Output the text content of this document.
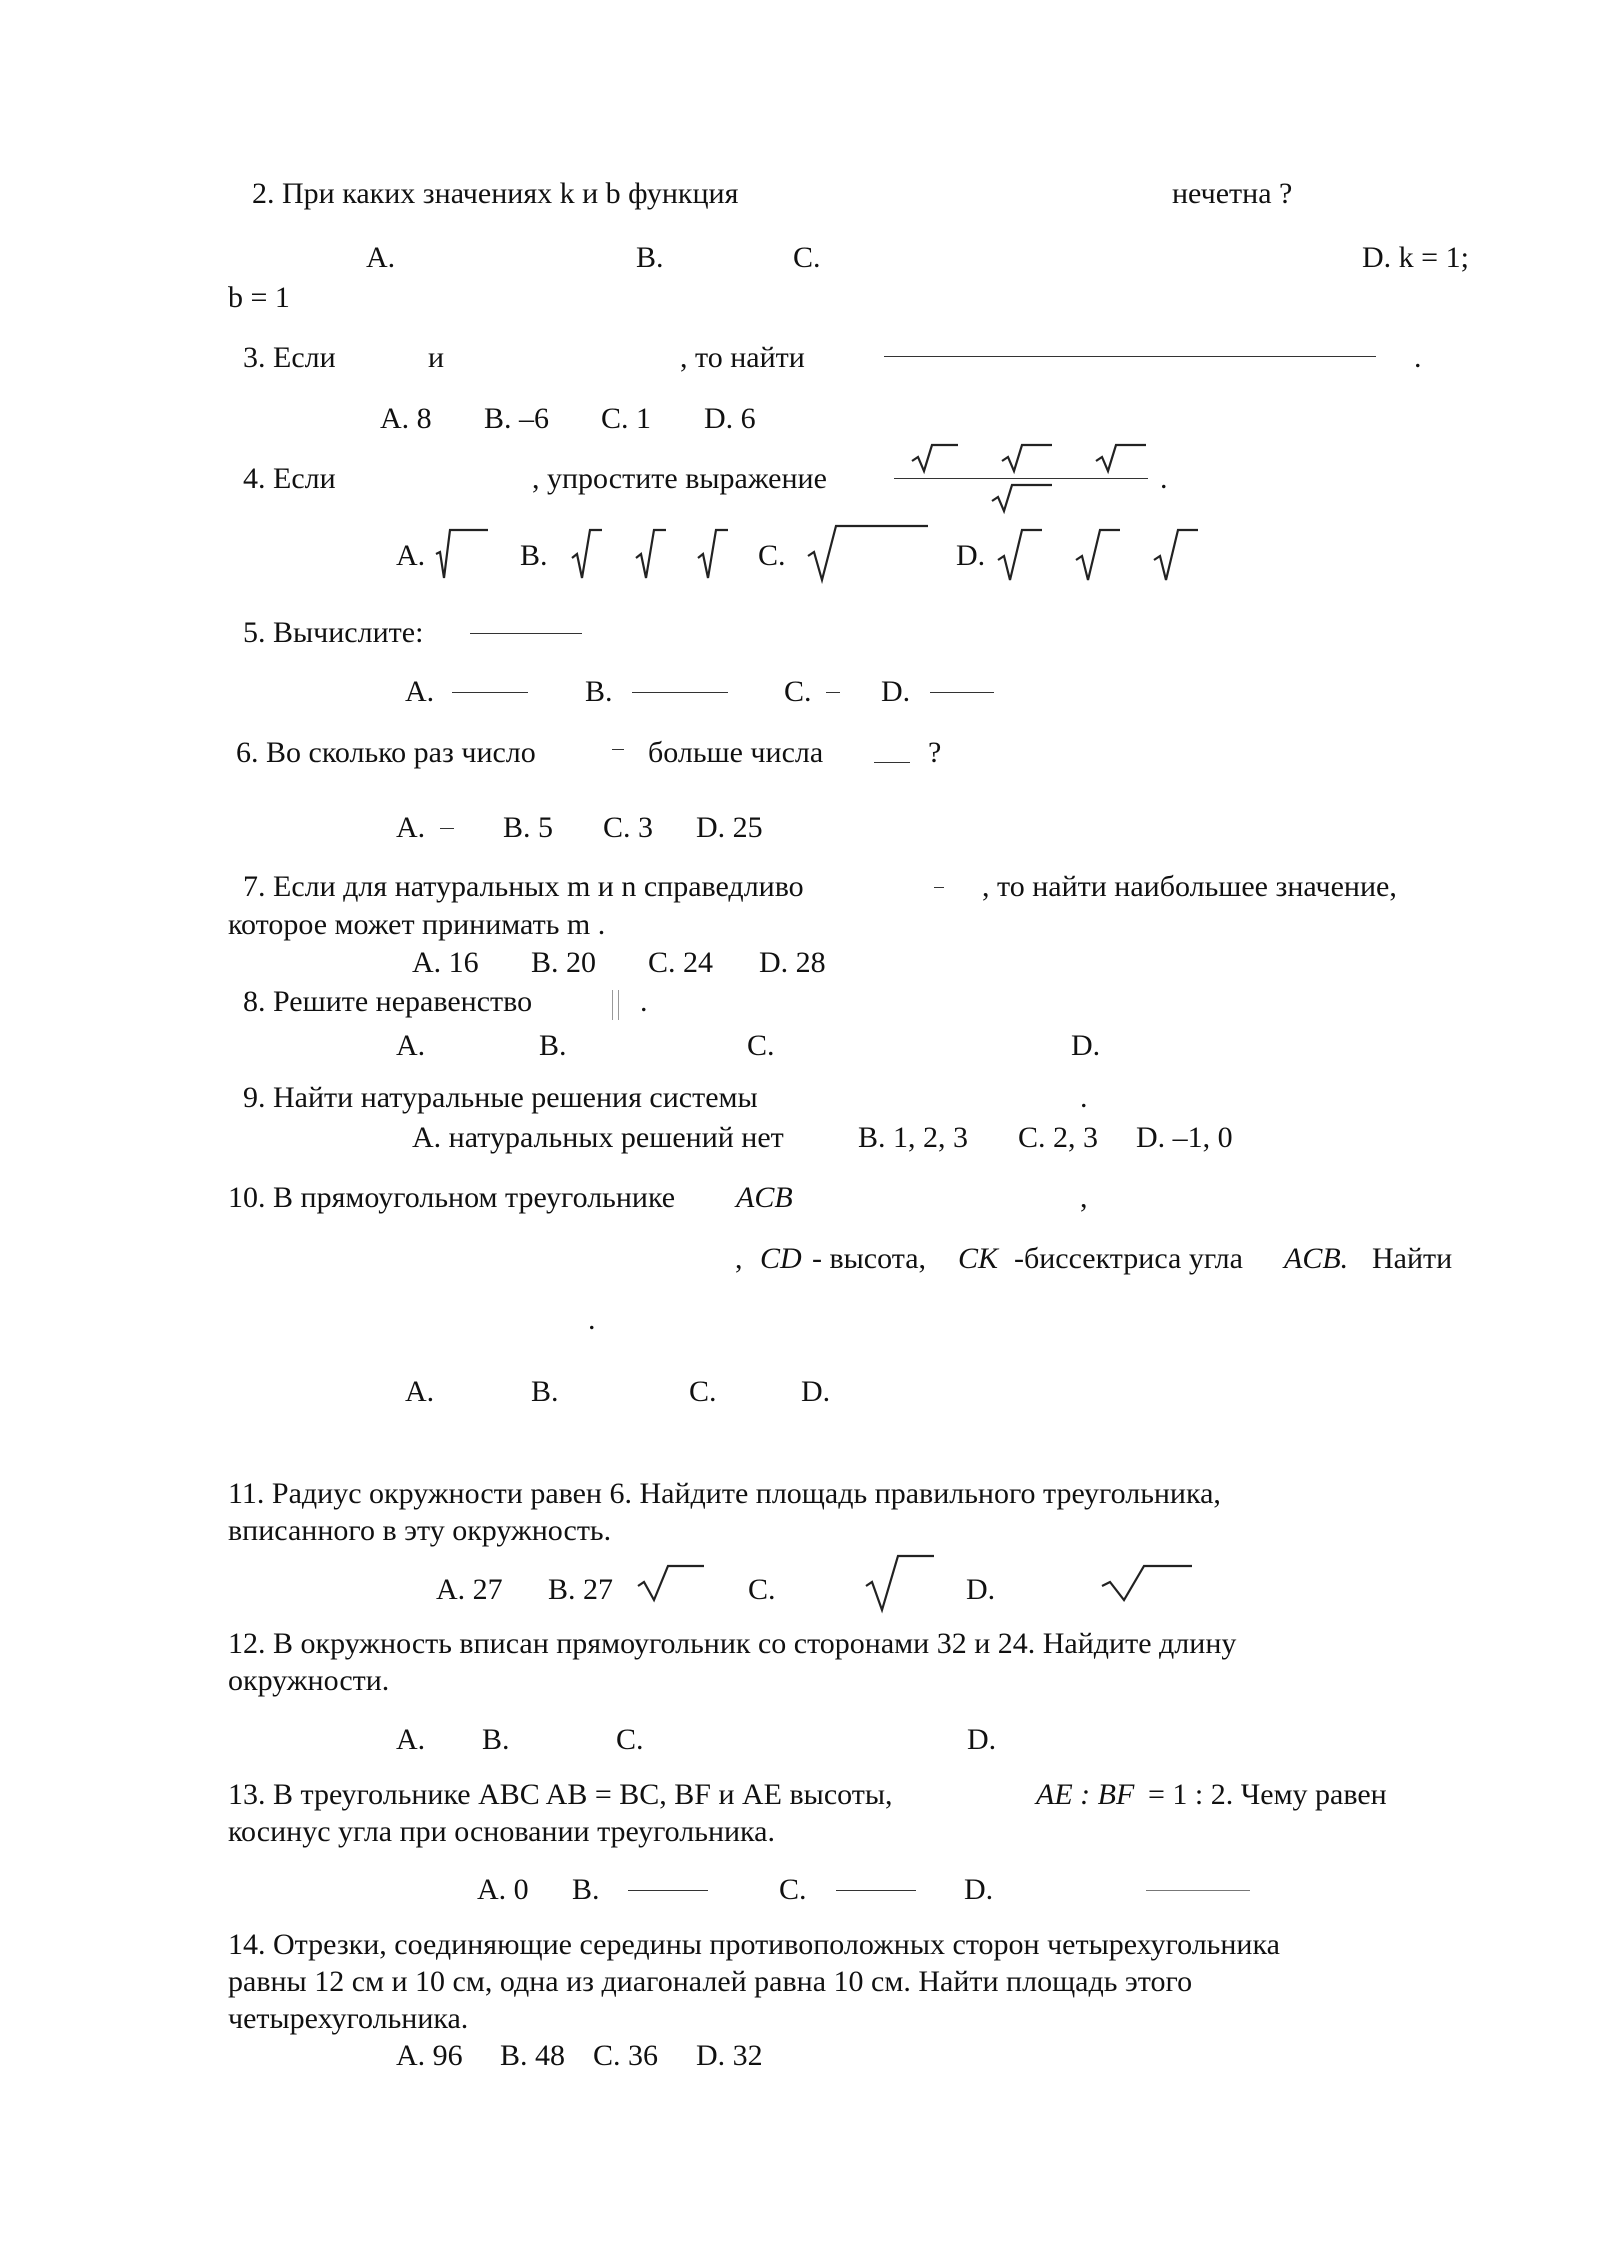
2. При каких значениях k и b функция	нечетна ?
A.	B.	C.	D. k = 1;
b = 1
3. Если	и	, то найти	.
A. 8 B. –6 C. 1 D. 6
4. Если	, упростите выражение	.
A.	B.	C.	D.
5. Вычислите:
A.	B.	C. D.
6. Во сколько раз число	больше числа	?
A.	B. 5 C. 3 D. 25
7. Если для натуральных m и n справедливо	, то найти наибольшее значение,
которое может принимать m .
A. 16 B. 20 C. 24 D. 28
8. Решите неравенство	.
A.	B.	C.	D.
9. Найти натуральные решения системы	.
A. натуральных решений нет B. 1, 2, 3 C. 2, 3 D. –1, 0
10. В прямоугольном треугольнике ACB	,
, CD - высота, CK -биссектриса угла ACB. Найти
.
A.	B.	C.	D.
11. Радиус окружности равен 6. Найдите площадь правильного треугольника,
вписанного в эту окружность.
A. 27 B. 27	C.	D.
12. В окружность вписан прямоугольник со сторонами 32 и 24. Найдите длину
окружности.
A. B.	C.	D.
13. В треугольнике ABC AB = BC, BF и AE высоты,	AE : BF = 1 : 2. Чему равен
косинус угла при основании треугольника.
A. 0 B.	C.	D.
14. Отрезки, соединяющие середины противоположных сторон четырехугольника
равны 12 см и 10 см, одна из диагоналей равна 10 см. Найти площадь этого
четырехугольника.
A. 96 B. 48 C. 36 D. 32
